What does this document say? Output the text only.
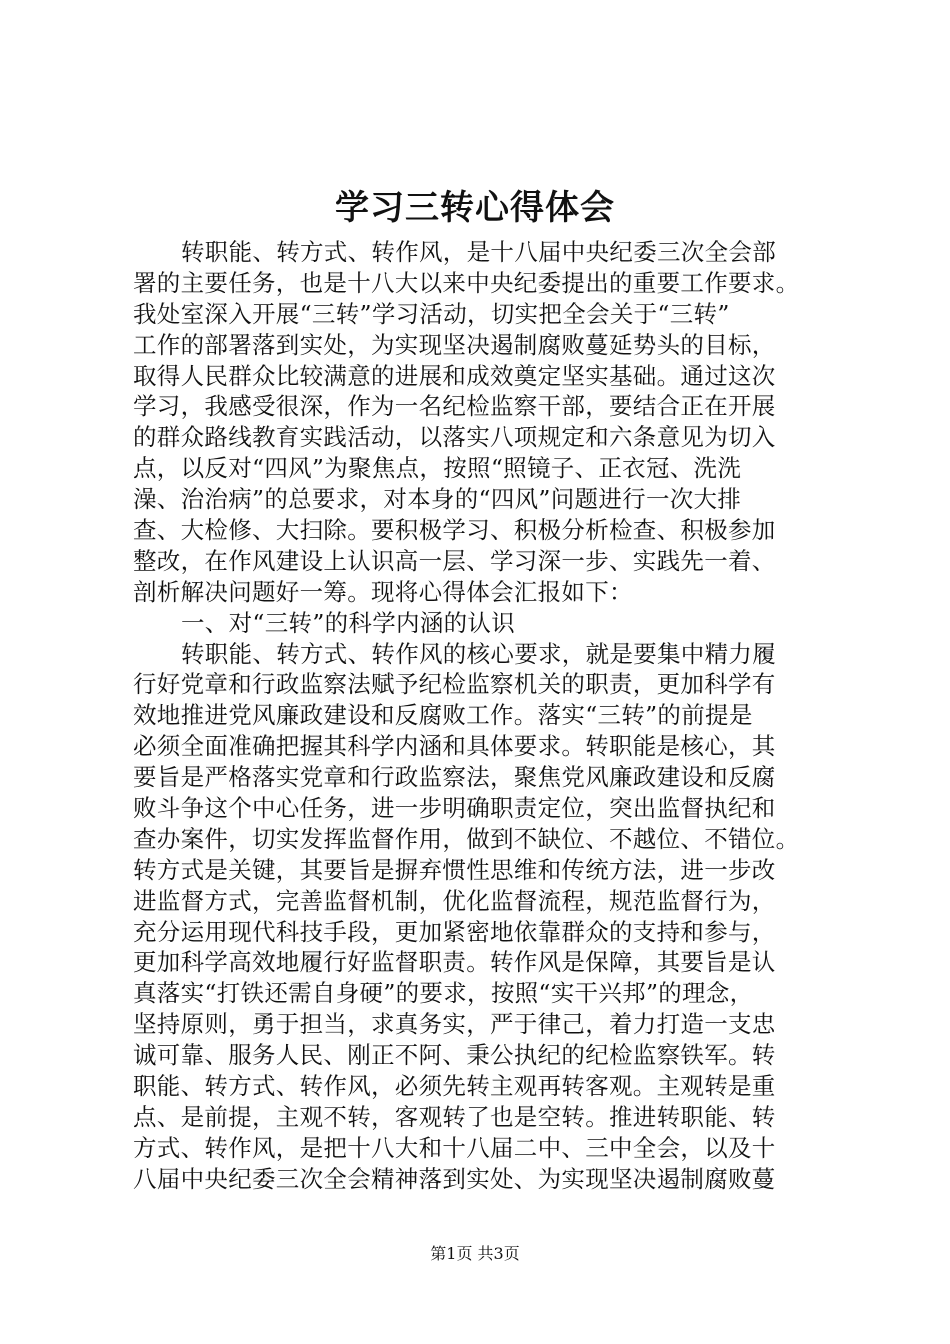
学习三转心得体会
转职能、转方式、转作风，是十八届中央纪委三次全会部
署的主要任务，也是十八大以来中央纪委提出的重要工作要求。
我处室深入开展“三转”学习活动，切实把全会关于“三转”
工作的部署落到实处，为实现坚决遏制腐败蔓延势头的目标，
取得人民群众比较满意的进展和成效奠定坚实基础。通过这次
学习，我感受很深，作为一名纪检监察干部，要结合正在开展
的群众路线教育实践活动，以落实八项规定和六条意见为切入
点，以反对“四风”为聚焦点，按照“照镜子、正衣冠、洗洗
澡、治治病”的总要求，对本身的“四风”问题进行一次大排
查、大检修、大扫除。要积极学习、积极分析检查、积极参加
整改，在作风建设上认识高一层、学习深一步、实践先一着、
剖析解决问题好一筹。现将心得体会汇报如下：
一、对“三转”的科学内涵的认识
转职能、转方式、转作风的核心要求，就是要集中精力履
行好党章和行政监察法赋予纪检监察机关的职责，更加科学有
效地推进党风廉政建设和反腐败工作。落实“三转”的前提是
必须全面准确把握其科学内涵和具体要求。转职能是核心，其
要旨是严格落实党章和行政监察法，聚焦党风廉政建设和反腐
败斗争这个中心任务，进一步明确职责定位，突出监督执纪和
查办案件，切实发挥监督作用，做到不缺位、不越位、不错位。
转方式是关键，其要旨是摒弃惯性思维和传统方法，进一步改
进监督方式，完善监督机制，优化监督流程，规范监督行为，
充分运用现代科技手段，更加紧密地依靠群众的支持和参与，
更加科学高效地履行好监督职责。转作风是保障，其要旨是认
真落实“打铁还需自身硬”的要求，按照“实干兴邦”的理念，
坚持原则，勇于担当，求真务实，严于律己，着力打造一支忠
诚可靠、服务人民、刚正不阿、秉公执纪的纪检监察铁军。转
职能、转方式、转作风，必须先转主观再转客观。主观转是重
点、是前提，主观不转，客观转了也是空转。推进转职能、转
方式、转作风，是把十八大和十八届二中、三中全会，以及十
八届中央纪委三次全会精神落到实处、为实现坚决遏制腐败蔓
第1页 共3页
